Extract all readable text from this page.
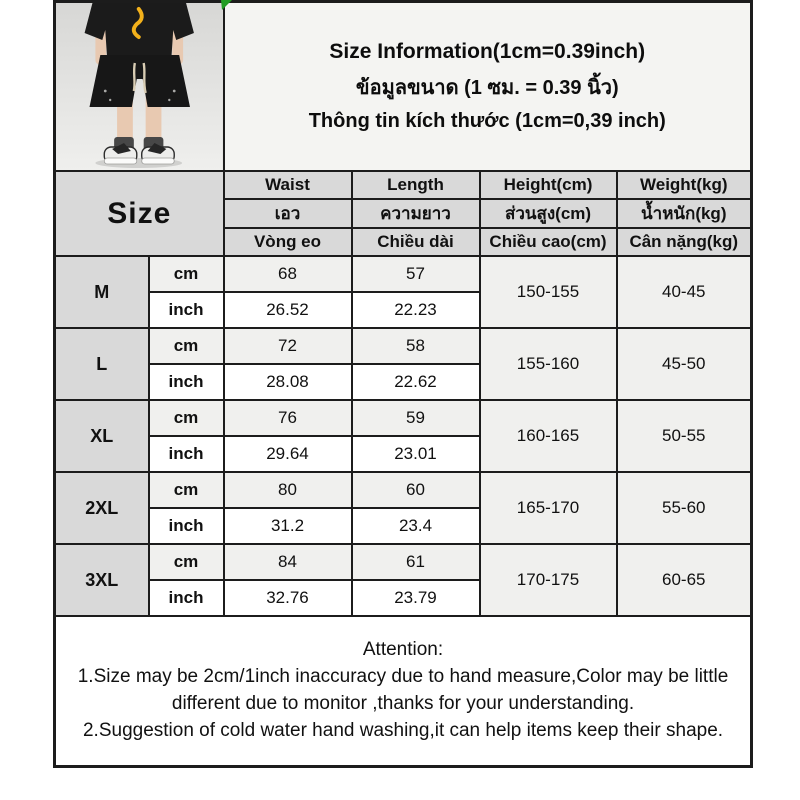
Size Information(1cm=0.39inch)
ข้อมูลขนาด (1 ซม. = 0.39 นิ้ว)
Thông tin kích thước (1cm=0,39 inch)			

Size		Waist	Length	Height(cm)	Weight(kg)
		เอว	ความยาว	ส่วนสูง(cm)	น้ำหนัก(kg)
		Vòng eo	Chiều dài	Chiều cao(cm)	Cân nặng(kg)
M	cm	68	57	150-155	40-45
	inch	26.52	22.23		
L	cm	72	58	155-160	45-50
	inch	28.08	22.62		
XL	cm	76	59	160-165	50-55
	inch	29.64	23.01		
2XL	cm	80	60	165-170	55-60
	inch	31.2	23.4		
3XL	cm	84	61	170-175	60-65
	inch	32.76	23.79		

Attention:

1.Size may be 2cm/1inch inaccuracy due to hand measure,Color may be little different due to monitor ,thanks for your understanding.

2.Suggestion of cold water hand washing,it can help items keep their shape.					
